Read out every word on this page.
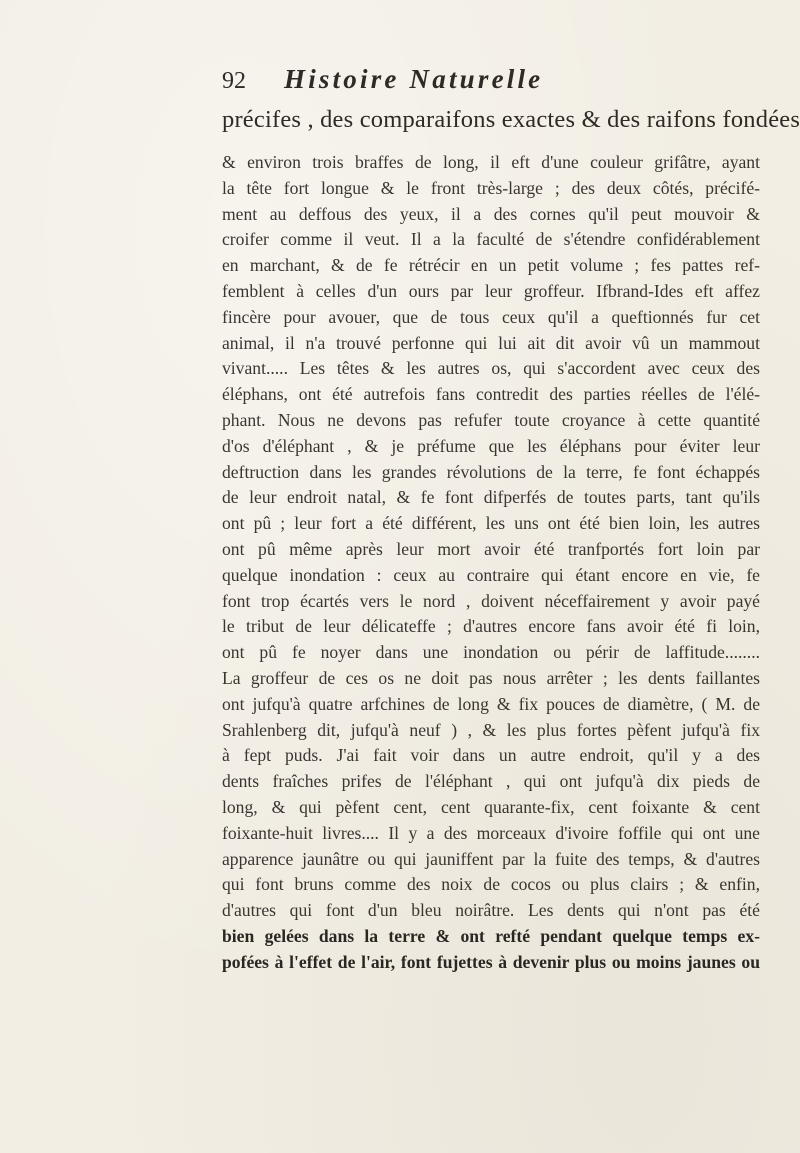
92 Histoire Naturelle
précifes , des comparaifons exactes & des raifons fondées
& environ trois braffes de long, il eft d'une couleur grifâtre, ayant
la tête fort longue & le front très-large ; des deux côtés, précifé-
ment au deffous des yeux, il a des cornes qu'il peut mouvoir &
croifer comme il veut. Il a la faculté de s'étendre confidérablement
en marchant, & de fe rétrécir en un petit volume ; fes pattes ref-
femblent à celles d'un ours par leur groffeur. Ifbrand-Ides eft affez
fincère pour avouer, que de tous ceux qu'il a queftionnés fur cet
animal, il n'a trouvé perfonne qui lui ait dit avoir vû un mammout
vivant..... Les têtes & les autres os, qui s'accordent avec ceux des
éléphans, ont été autrefois fans contredit des parties réelles de l'élé-
phant. Nous ne devons pas refufer toute croyance à cette quantité
d'os d'éléphant , & je préfume que les éléphans pour éviter leur
deftruction dans les grandes révolutions de la terre, fe font échappés
de leur endroit natal, & fe font difperfés de toutes parts, tant qu'ils
ont pû ; leur fort a été différent, les uns ont été bien loin, les autres
ont pû même après leur mort avoir été tranfportés fort loin par
quelque inondation : ceux au contraire qui étant encore en vie, fe
font trop écartés vers le nord , doivent néceffairement y avoir payé
le tribut de leur délicateffe ; d'autres encore fans avoir été fi loin,
ont pû fe noyer dans une inondation ou périr de laffitude........
La groffeur de ces os ne doit pas nous arrêter ; les dents faillantes
ont jufqu'à quatre arfchines de long & fix pouces de diamètre, ( M. de
Srahlenberg dit, jufqu'à neuf ) , & les plus fortes pèfent jufqu'à fix
à fept puds. J'ai fait voir dans un autre endroit, qu'il y a des
dents fraîches prifes de l'éléphant , qui ont jufqu'à dix pieds de
long, & qui pèfent cent, cent quarante-fix, cent foixante & cent
foixante-huit livres.... Il y a des morceaux d'ivoire foffile qui ont une
apparence jaunâtre ou qui jauniffent par la fuite des temps, & d'autres
qui font bruns comme des noix de cocos ou plus clairs ; & enfin,
d'autres qui font d'un bleu noirâtre. Les dents qui n'ont pas été
bien gelées dans la terre & ont refté pendant quelque temps ex-
pofées à l'effet de l'air, font fujettes à devenir plus ou moins jaunes ou
